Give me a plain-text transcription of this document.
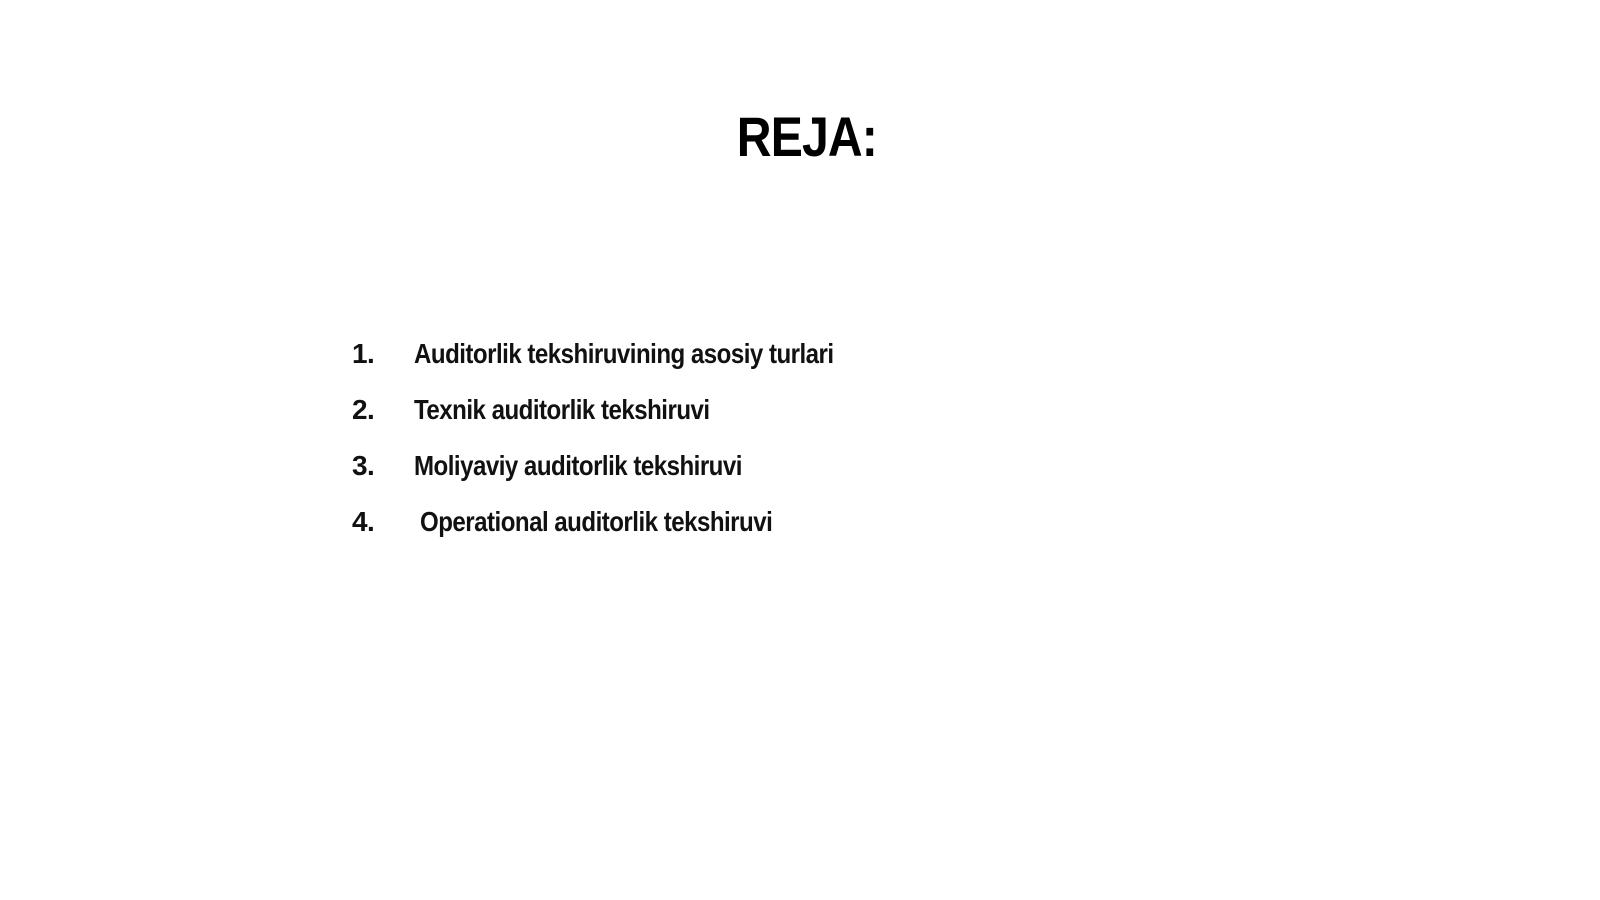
REJA:
1.	Auditorlik tekshiruvining asosiy turlari
2.	Texnik auditorlik tekshiruvi
3.	Moliyaviy auditorlik tekshiruvi
4.	Operational auditorlik tekshiruvi
